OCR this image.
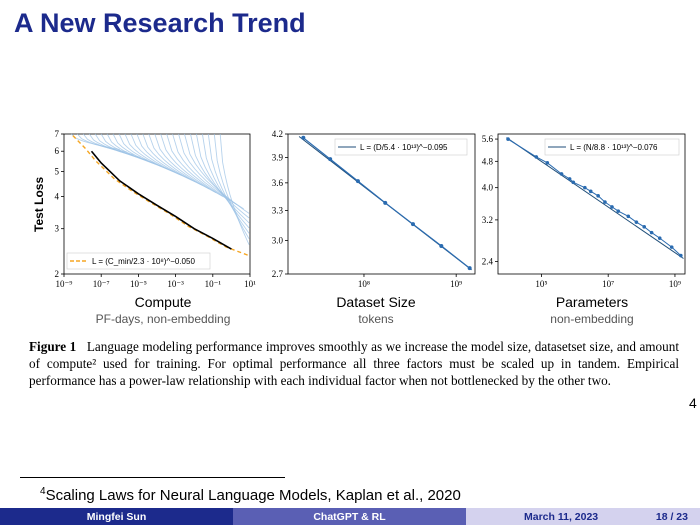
A New Research Trend
10⁻⁹ 10⁻⁷ 10⁻⁵ 10⁻³ 10⁻¹	10¹
2
3
4
5
6
7
L = (C_min/2.3 · 10⁸)^−0.050
Test Loss
Compute
PF-days, non-embedding
10⁸	10⁹
2.7
3.0
3.3
3.6
3.9
4.2
L = (D/5.4 · 10¹³)^−0.095
Dataset Size
tokens
10⁵	10⁷	10⁹
2.4
3.2
4.0
4.8
5.6
L = (N/8.8 · 10¹³)^−0.076
Parameters
non-embedding
Figure 1 Language modeling performance improves smoothly as we increase the model size, datasetset size, and amount of compute² used for training. For optimal performance all three factors must be scaled up in tandem. Empirical performance has a power-law relationship with each individual factor when not bottlenecked by the other two.
4
$^4$Scaling Laws for Neural Language Models, Kaplan et al., 2020
Mingfei Sun	ChatGPT & RL	March 11, 2023	18 / 23
